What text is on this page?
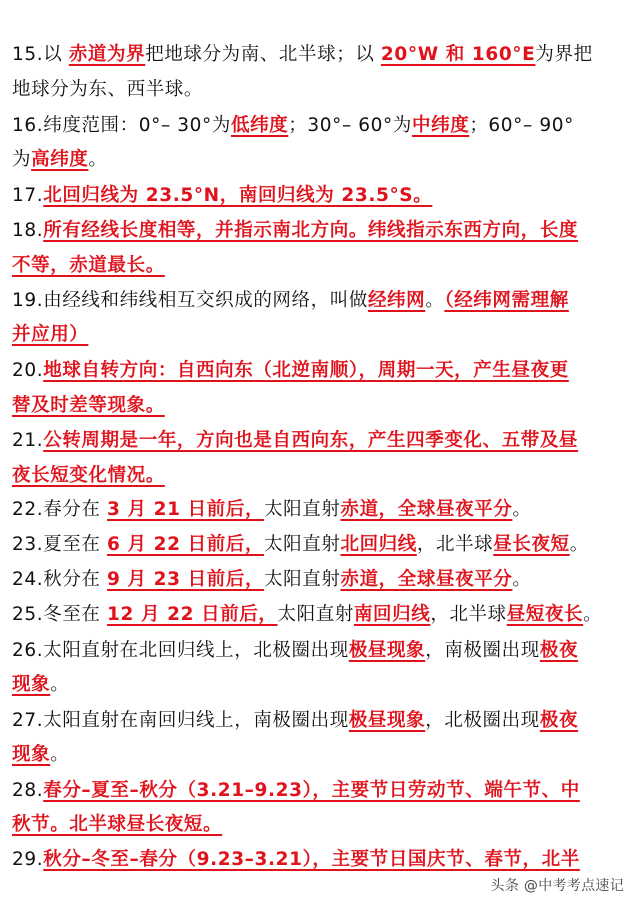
15.以 赤道为界把地球分为南、北半球；以 20°W 和 160°E为界把
地球分为东、西半球。
16.纬度范围：0°– 30°为低纬度；30°– 60°为中纬度；60°– 90°
为高纬度。
17.北回归线为 23.5°N，南回归线为 23.5°S。
18.所有经线长度相等，并指示南北方向。纬线指示东西方向，长度
不等，赤道最长。
19.由经线和纬线相互交织成的网络，叫做经纬网。（经纬网需理解
并应用）
20.地球自转方向：自西向东（北逆南顺），周期一天，产生昼夜更
替及时差等现象。
21.公转周期是一年，方向也是自西向东，产生四季变化、五带及昼
夜长短变化情况。
22.春分在 3 月 21 日前后，太阳直射赤道，全球昼夜平分。
23.夏至在 6 月 22 日前后，太阳直射北回归线，北半球昼长夜短。
24.秋分在 9 月 23 日前后，太阳直射赤道，全球昼夜平分。
25.冬至在 12 月 22 日前后，太阳直射南回归线，北半球昼短夜长。
26.太阳直射在北回归线上，北极圈出现极昼现象，南极圈出现极夜
现象。
27.太阳直射在南回归线上，南极圈出现极昼现象，北极圈出现极夜
现象。
28.春分–夏至–秋分（3.21–9.23），主要节日劳动节、端午节、中
秋节。北半球昼长夜短。
29.秋分–冬至–春分（9.23–3.21），主要节日国庆节、春节，北半
头条 @中考考点速记
